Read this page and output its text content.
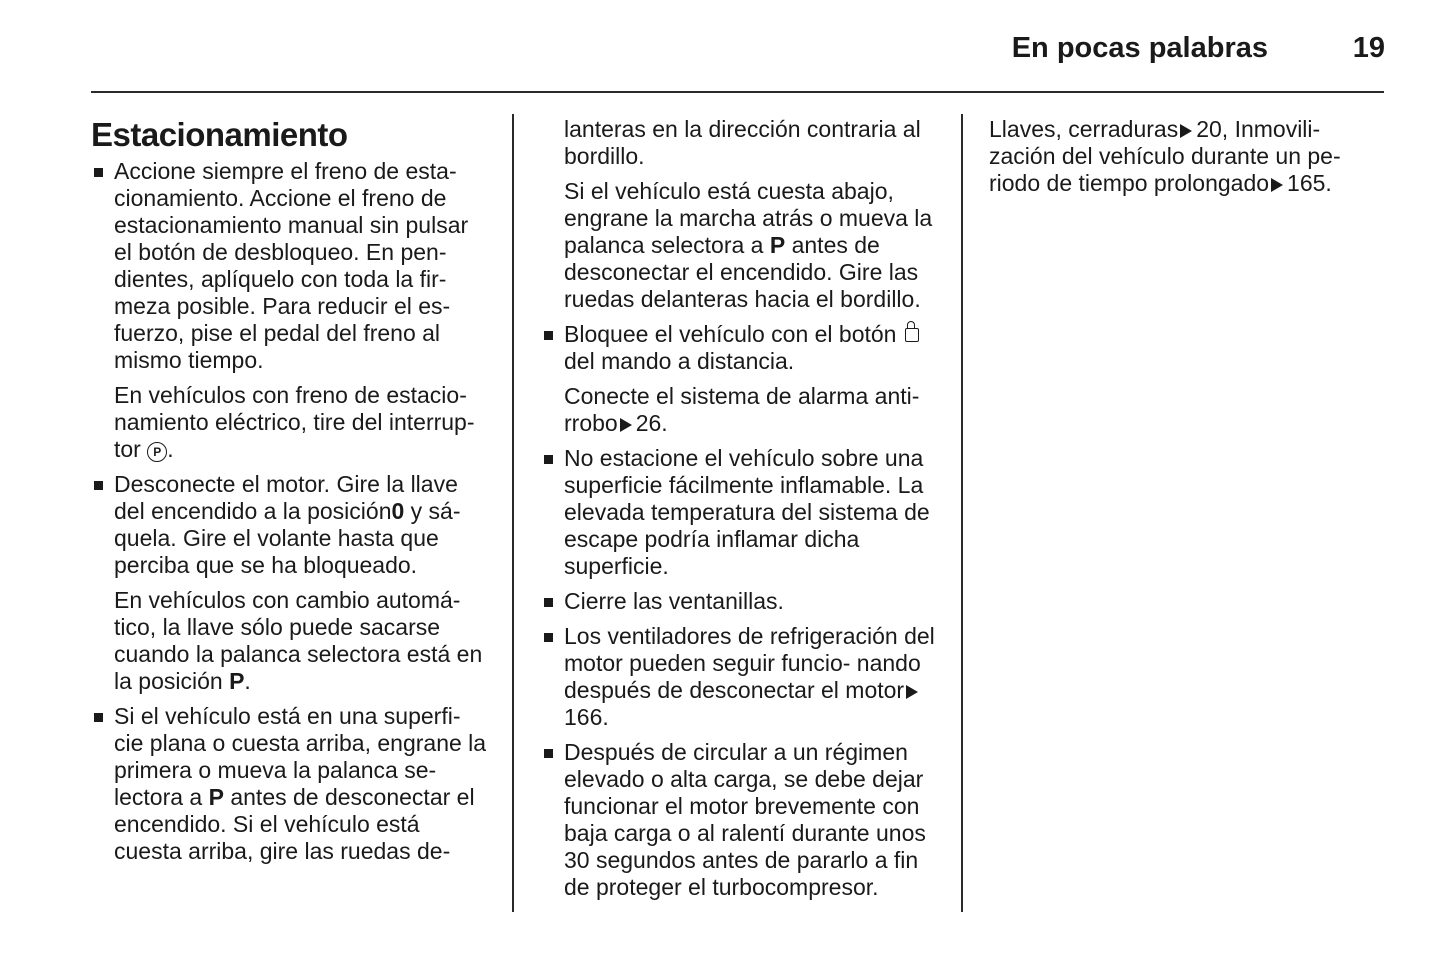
En pocas palabras	19
Estacionamiento
Accione siempre el freno de esta- cionamiento. Accione el freno de estacionamiento manual sin pulsar el botón de desbloqueo. En pen- dientes, aplíquelo con toda la fir- meza posible. Para reducir el es- fuerzo, pise el pedal del freno al mismo tiempo.

En vehículos con freno de estacio- namiento eléctrico, tire del interrup- tor P .

Desconecte el motor. Gire la llave del encendido a la posición0 y sá- quela. Gire el volante hasta que perciba que se ha bloqueado.

En vehículos con cambio automá- tico, la llave sólo puede sacarse cuando la palanca selectora está en la posición P.

Si el vehículo está en una superfi- cie plana o cuesta arriba, engrane la primera o mueva la palanca se- lectora a P antes de desconectar el encendido. Si el vehículo está cuesta arriba, gire las ruedas de-

lanteras en la dirección contraria al bordillo.

Si el vehículo está cuesta abajo, engrane la marcha atrás o mueva la palanca selectora a P antes de desconectar el encendido. Gire las ruedas delanteras hacia el bordillo.

Bloquee el vehículo con el botón  del mando a distancia.

Conecte el sistema de alarma anti- rrobo 26.

No estacione el vehículo sobre una superficie fácilmente inflamable. La elevada temperatura del sistema de escape podría inflamar dicha superficie.
Cierre las ventanillas.
Los ventiladores de refrigeración del motor pueden seguir funcio- nando después de desconectar el motor166.
Después de circular a un régimen elevado o alta carga, se debe dejar funcionar el motor brevemente con baja carga o al ralentí durante unos 30 segundos antes de pararlo a fin de proteger el turbocompresor.

Llaves, cerraduras 20, Inmovili- zación del vehículo durante un pe- riodo de tiempo prolongado 165.
